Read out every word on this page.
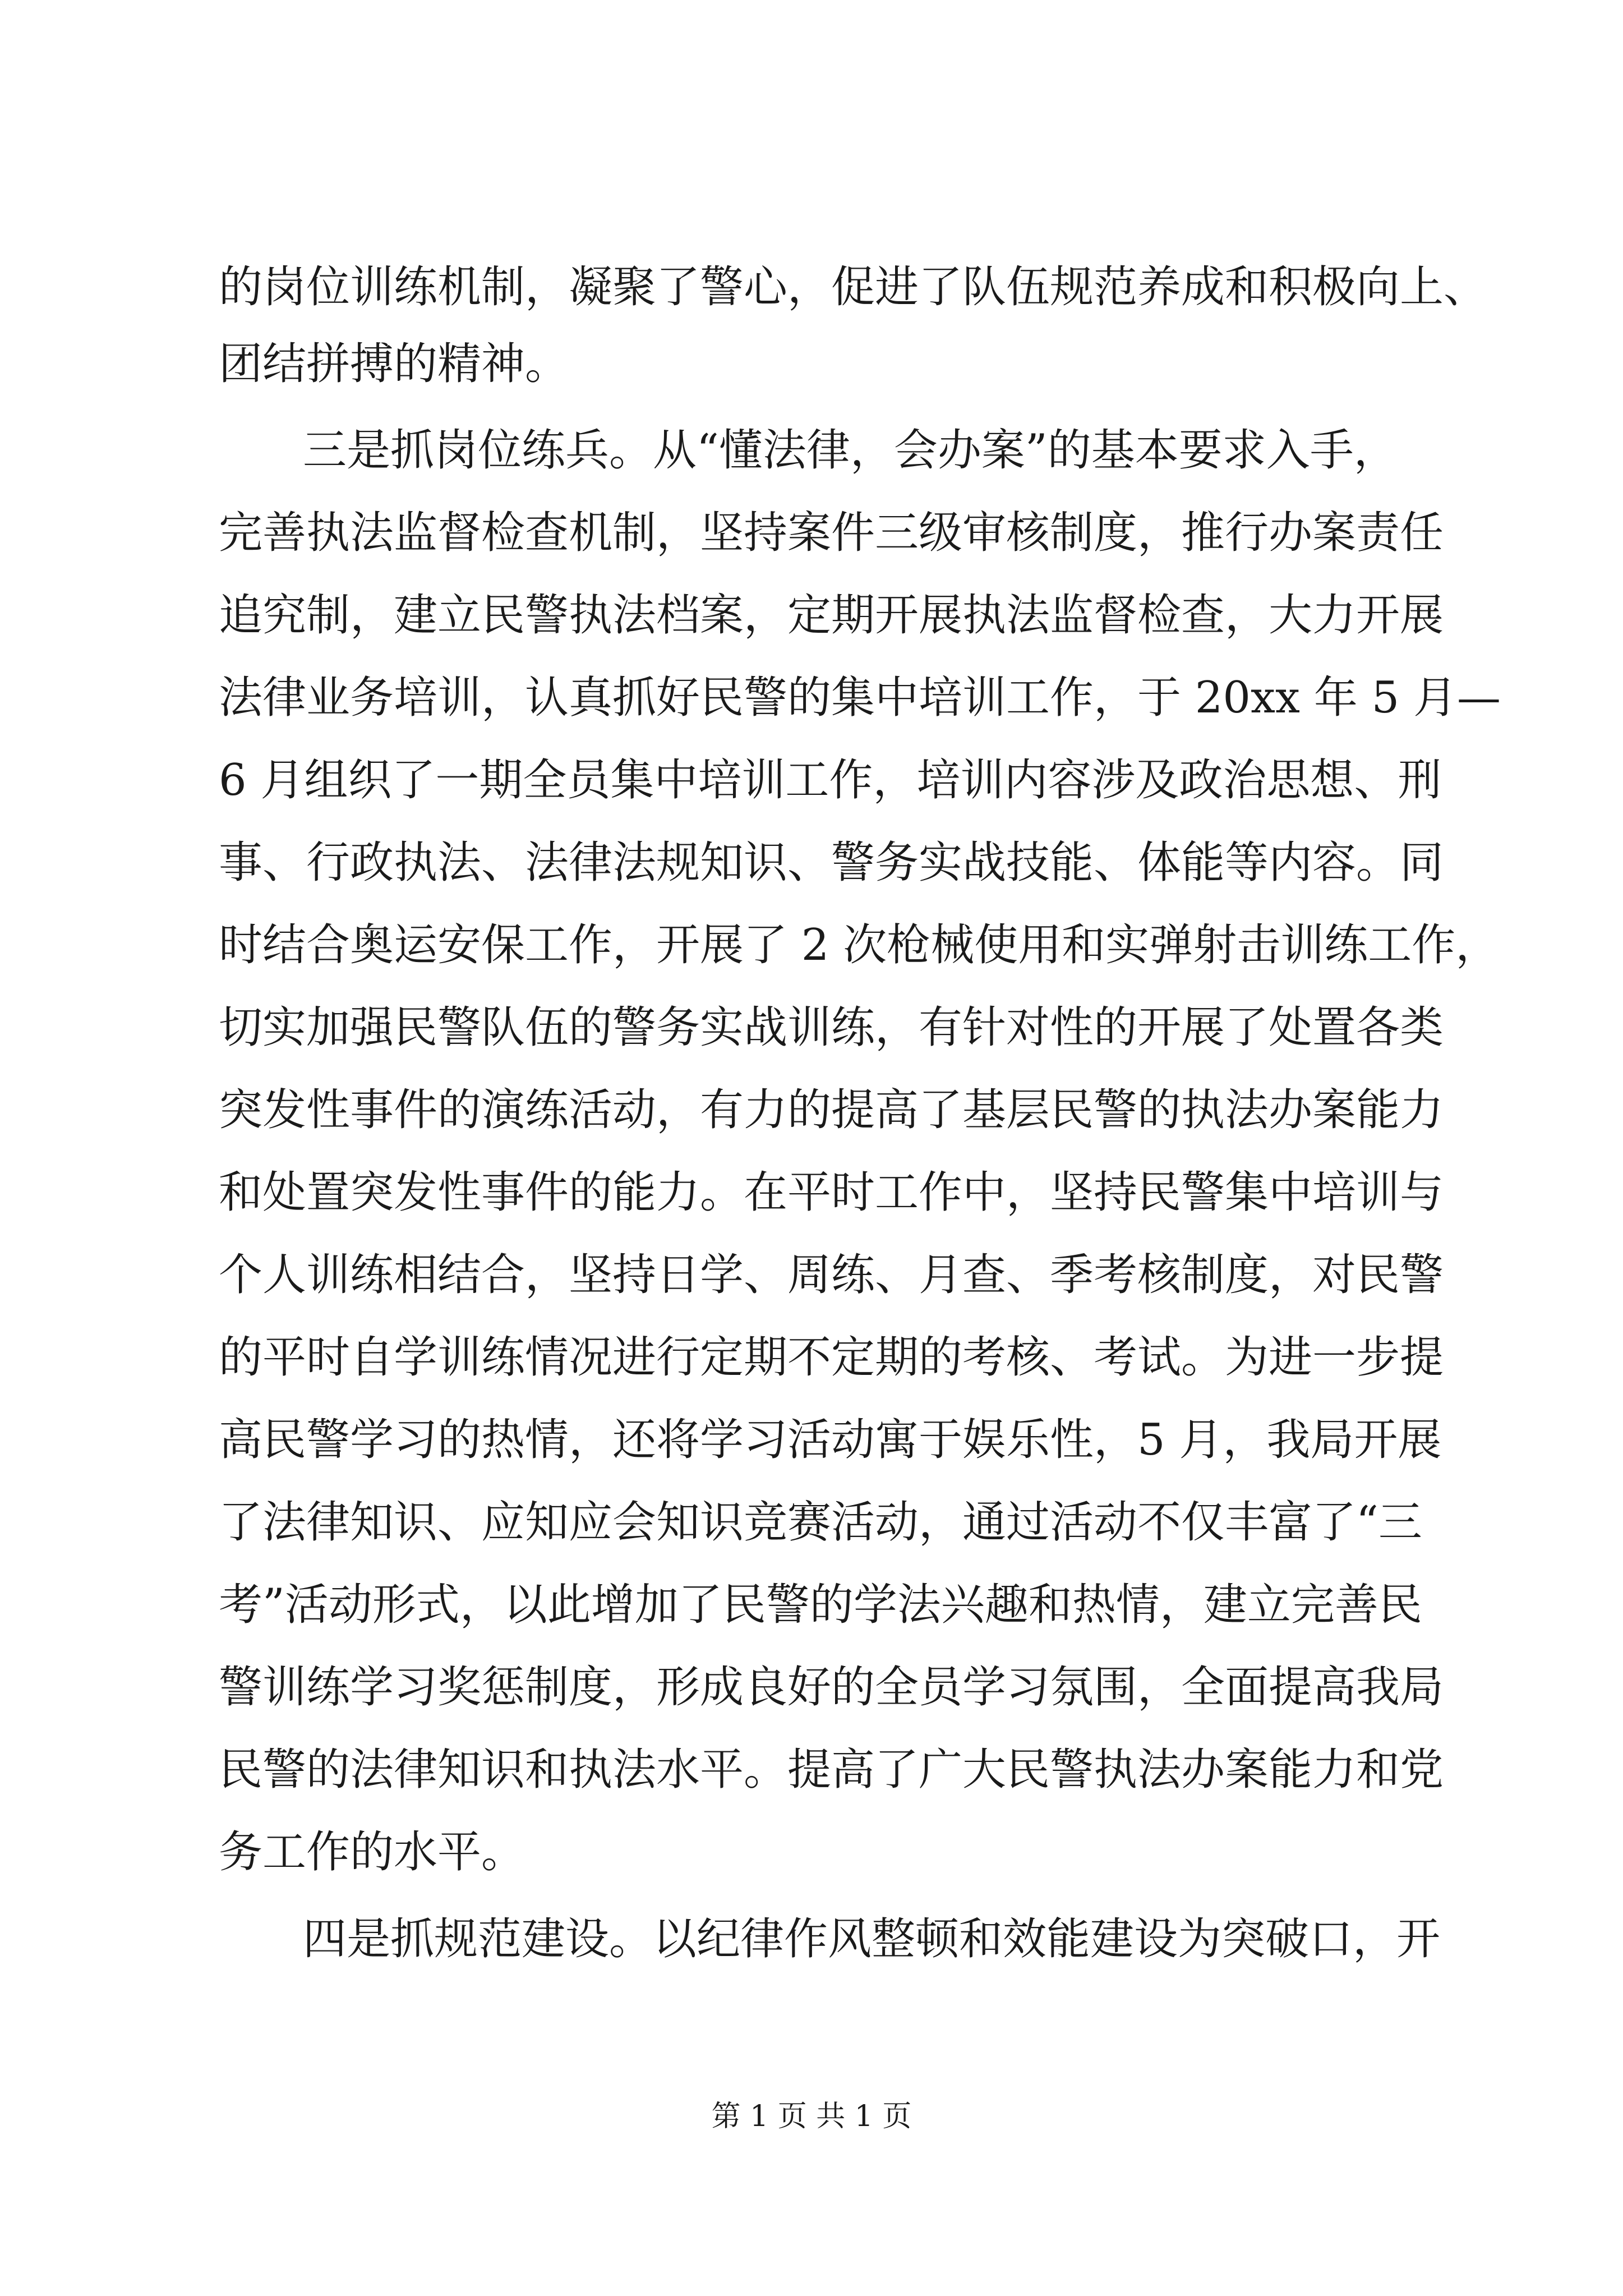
的岗位训练机制，凝聚了警心，促进了队伍规范养成和积极向上、
团结拼搏的精神。
三是抓岗位练兵。从“懂法律，会办案”的基本要求入手，
完善执法监督检查机制，坚持案件三级审核制度，推行办案责任
追究制，建立民警执法档案，定期开展执法监督检查，大力开展
法律业务培训，认真抓好民警的集中培训工作，于 20xx 年 5 月—
6 月组织了一期全员集中培训工作，培训内容涉及政治思想、刑
事、行政执法、法律法规知识、警务实战技能、体能等内容。同
时结合奥运安保工作，开展了 2 次枪械使用和实弹射击训练工作，
切实加强民警队伍的警务实战训练，有针对性的开展了处置各类
突发性事件的演练活动，有力的提高了基层民警的执法办案能力
和处置突发性事件的能力。在平时工作中，坚持民警集中培训与
个人训练相结合，坚持日学、周练、月查、季考核制度，对民警
的平时自学训练情况进行定期不定期的考核、考试。为进一步提
高民警学习的热情，还将学习活动寓于娱乐性，5 月，我局开展
了法律知识、应知应会知识竞赛活动，通过活动不仅丰富了“三
考”活动形式，以此增加了民警的学法兴趣和热情，建立完善民
警训练学习奖惩制度，形成良好的全员学习氛围，全面提高我局
民警的法律知识和执法水平。提高了广大民警执法办案能力和党
务工作的水平。
四是抓规范建设。以纪律作风整顿和效能建设为突破口，开
第 1 页 共 1 页
